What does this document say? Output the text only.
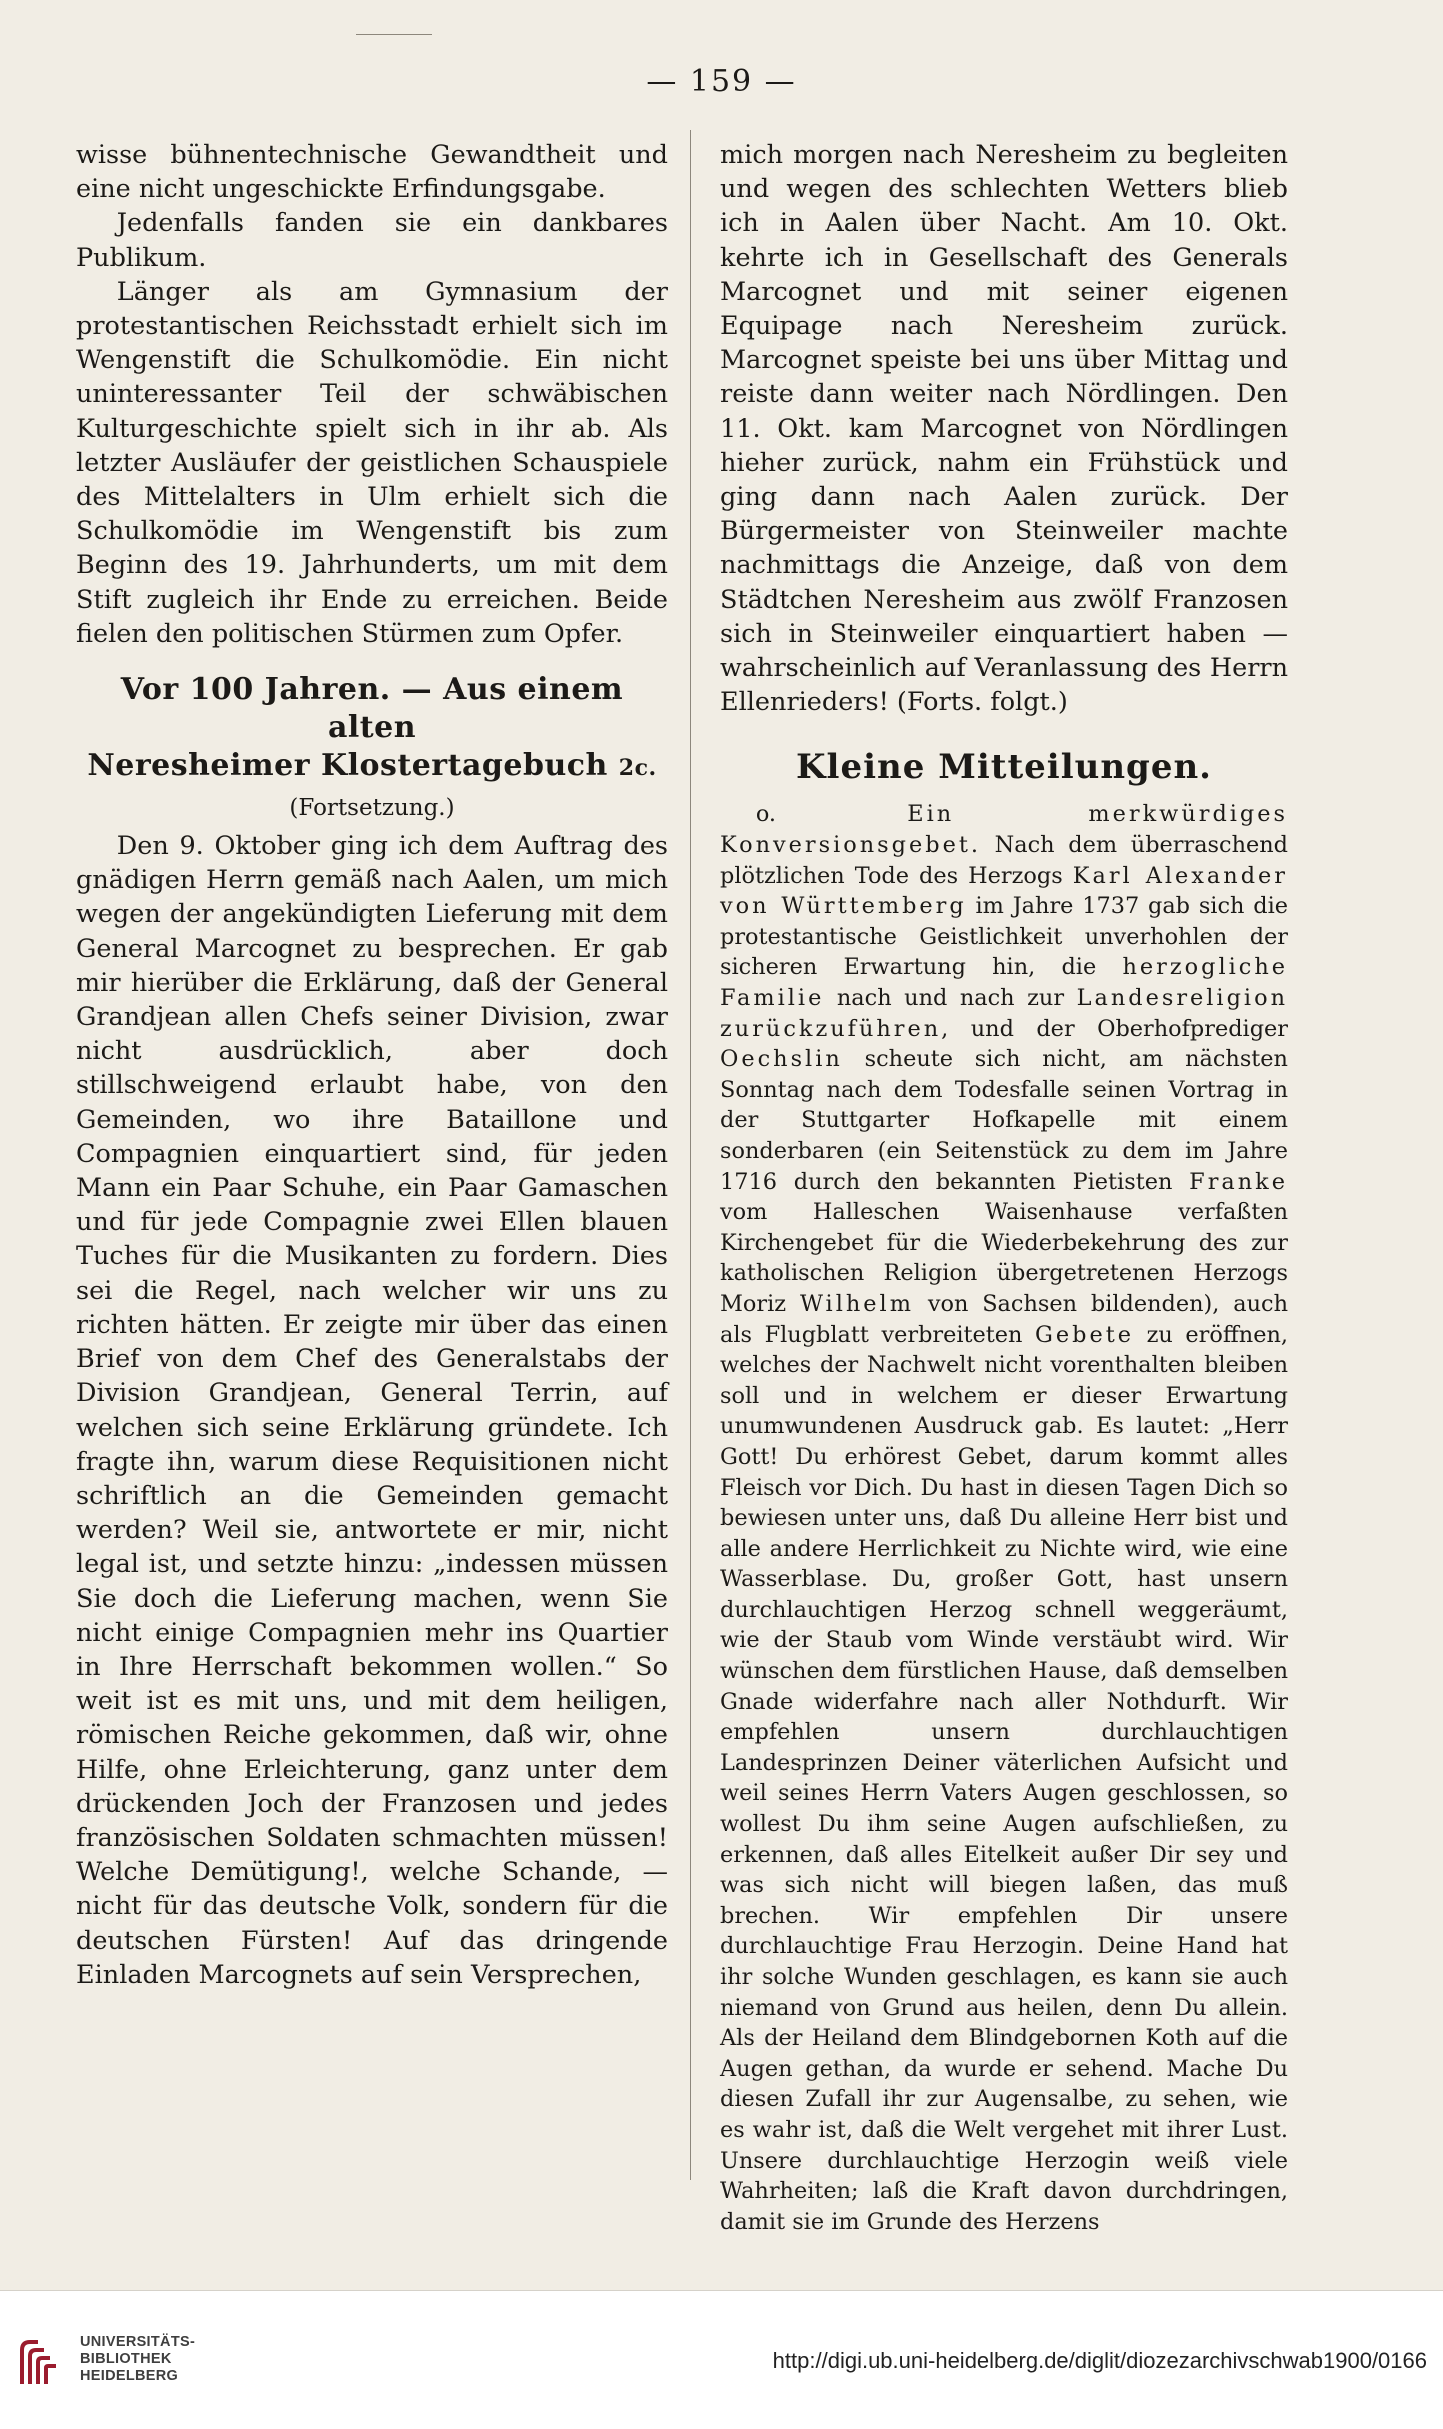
— 159 —

wisse bühnentechnische Gewandtheit und eine nicht ungeschickte Erfindungsgabe.

Jedenfalls fanden sie ein dankbares Publikum.

Länger als am Gymnasium der protestantischen Reichsstadt erhielt sich im Wengenstift die Schulkomödie. Ein nicht uninteressanter Teil der schwäbischen Kulturgeschichte spielt sich in ihr ab. Als letzter Ausläufer der geistlichen Schauspiele des Mittelalters in Ulm erhielt sich die Schulkomödie im Wengenstift bis zum Beginn des 19. Jahrhunderts, um mit dem Stift zugleich ihr Ende zu erreichen. Beide fielen den politischen Stürmen zum Opfer.

Vor 100 Jahren. — Aus einem alten
Neresheimer Klostertagebuch 2c.
(Fortsetzung.)

Den 9. Oktober ging ich dem Auftrag des gnädigen Herrn gemäß nach Aalen, um mich wegen der angekündigten Lieferung mit dem General Marcognet zu besprechen. Er gab mir hierüber die Erklärung, daß der General Grandjean allen Chefs seiner Division, zwar nicht ausdrücklich, aber doch stillschweigend erlaubt habe, von den Gemeinden, wo ihre Bataillone und Compagnien einquartiert sind, für jeden Mann ein Paar Schuhe, ein Paar Gamaschen und für jede Compagnie zwei Ellen blauen Tuches für die Musikanten zu fordern. Dies sei die Regel, nach welcher wir uns zu richten hätten. Er zeigte mir über das einen Brief von dem Chef des Generalstabs der Division Grandjean, General Terrin, auf welchen sich seine Erklärung gründete. Ich fragte ihn, warum diese Requisitionen nicht schriftlich an die Gemeinden gemacht werden? Weil sie, antwortete er mir, nicht legal ist, und setzte hinzu: „indessen müssen Sie doch die Lieferung machen, wenn Sie nicht einige Compagnien mehr ins Quartier in Ihre Herrschaft bekommen wollen.“ So weit ist es mit uns, und mit dem heiligen, römischen Reiche gekommen, daß wir, ohne Hilfe, ohne Erleichterung, ganz unter dem drückenden Joch der Franzosen und jedes französischen Soldaten schmachten müssen! Welche Demütigung!, welche Schande, — nicht für das deutsche Volk, sondern für die deutschen Fürsten! Auf das dringende Einladen Marcognets auf sein Versprechen,

mich morgen nach Neresheim zu begleiten und wegen des schlechten Wetters blieb ich in Aalen über Nacht. Am 10. Okt. kehrte ich in Gesellschaft des Generals Marcognet und mit seiner eigenen Equipage nach Neresheim zurück. Marcognet speiste bei uns über Mittag und reiste dann weiter nach Nördlingen. Den 11. Okt. kam Marcognet von Nördlingen hieher zurück, nahm ein Frühstück und ging dann nach Aalen zurück. Der Bürgermeister von Steinweiler machte nachmittags die Anzeige, daß von dem Städtchen Neresheim aus zwölf Franzosen sich in Steinweiler einquartiert haben — wahrscheinlich auf Veranlassung des Herrn Ellenrieders! (Forts. folgt.)

Kleine Mitteilungen.

o.	Ein merkwürdiges Konversionsgebet. Nach dem überraschend plötzlichen Tode des Herzogs Karl Alexander von Württemberg im Jahre 1737 gab sich die protestantische Geistlichkeit unverhohlen der sicheren Erwartung hin, die herzogliche Familie nach und nach zur Landesreligion zurückzuführen, und der Oberhofprediger Oechslin scheute sich nicht, am nächsten Sonntag nach dem Todesfalle seinen Vortrag in der Stuttgarter Hofkapelle mit einem sonderbaren (ein Seitenstück zu dem im Jahre 1716 durch den bekannten Pietisten Franke vom Halleschen Waisenhause verfaßten Kirchengebet für die Wiederbekehrung des zur katholischen Religion übergetretenen Herzogs Moriz Wilhelm von Sachsen bildenden), auch als Flugblatt verbreiteten Gebete zu eröffnen, welches der Nachwelt nicht vorenthalten bleiben soll und in welchem er dieser Erwartung unumwundenen Ausdruck gab. Es lautet: „Herr Gott! Du erhörest Gebet, darum kommt alles Fleisch vor Dich. Du hast in diesen Tagen Dich so bewiesen unter uns, daß Du alleine Herr bist und alle andere Herrlichkeit zu Nichte wird, wie eine Wasserblase. Du, großer Gott, hast unsern durchlauchtigen Herzog schnell weggeräumt, wie der Staub vom Winde verstäubt wird. Wir wünschen dem fürstlichen Hause, daß demselben Gnade widerfahre nach aller Nothdurft. Wir empfehlen unsern durchlauchtigen Landesprinzen Deiner väterlichen Aufsicht und weil seines Herrn Vaters Augen geschlossen, so wollest Du ihm seine Augen aufschließen, zu erkennen, daß alles Eitelkeit außer Dir sey und was sich nicht will biegen laßen, das muß brechen. Wir empfehlen Dir unsere durchlauchtige Frau Herzogin. Deine Hand hat ihr solche Wunden geschlagen, es kann sie auch niemand von Grund aus heilen, denn Du allein. Als der Heiland dem Blindgebornen Koth auf die Augen gethan, da wurde er sehend. Mache Du diesen Zufall ihr zur Augensalbe, zu sehen, wie es wahr ist, daß die Welt vergehet mit ihrer Lust. Unsere durchlauchtige Herzogin weiß viele Wahrheiten; laß die Kraft davon durchdringen, damit sie im Grunde des Herzens

UNIVERSITÄTS-
BIBLIOTHEK
HEIDELBERG
http://digi.ub.uni-heidelberg.de/diglit/diozezarchivschwab1900/0166
